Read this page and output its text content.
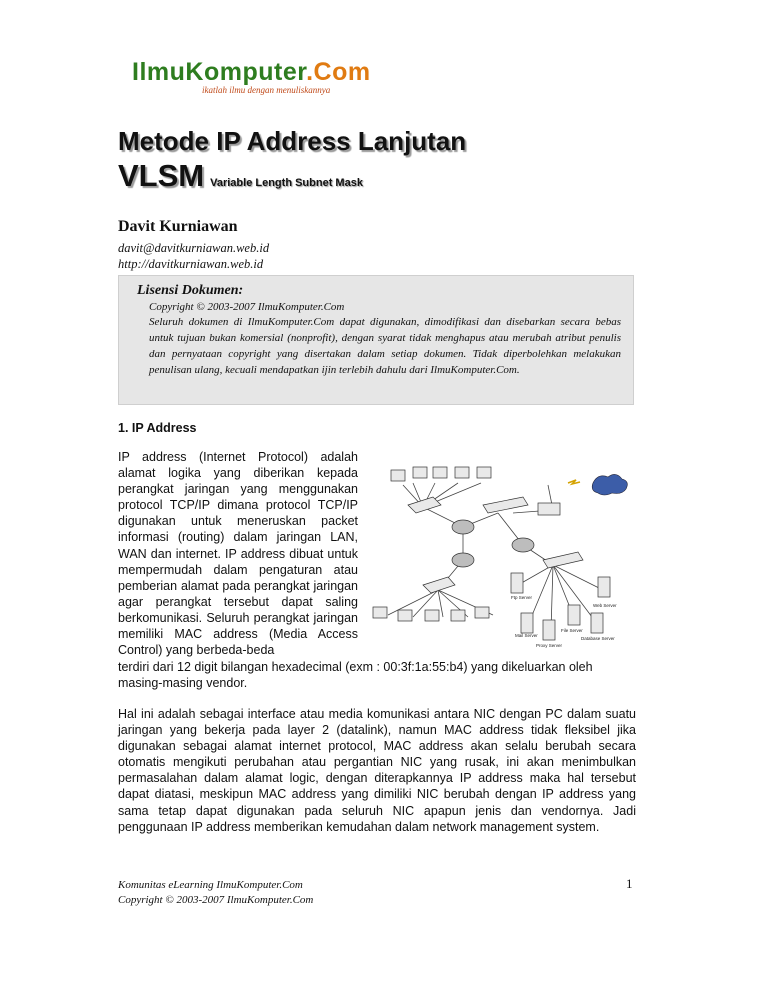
IlmuKomputer.Com
ikatlah ilmu dengan menuliskannya
Metode IP Address Lanjutan
VLSM Variable Length Subnet Mask
Davit Kurniawan
davit@davitkurniawan.web.id
http://davitkurniawan.web.id
Lisensi Dokumen:
Copyright © 2003-2007 IlmuKomputer.Com
Seluruh dokumen di IlmuKomputer.Com dapat digunakan, dimodifikasi dan disebarkan secara bebas untuk tujuan bukan komersial (nonprofit), dengan syarat tidak menghapus atau merubah atribut penulis dan pernyataan copyright yang disertakan dalam setiap dokumen. Tidak diperbolehkan melakukan penulisan ulang, kecuali mendapatkan ijin terlebih dahulu dari IlmuKomputer.Com.
1. IP Address
IP address (Internet Protocol) adalah alamat logika yang diberikan kepada perangkat jaringan yang menggunakan protocol TCP/IP dimana protocol TCP/IP digunakan untuk meneruskan packet informasi (routing) dalam jaringan LAN, WAN dan internet. IP address dibuat untuk mempermudah dalam pengaturan atau pemberian alamat pada perangkat jaringan agar perangkat tersebut dapat saling berkomunikasi. Seluruh perangkat jaringan memiliki MAC address (Media Access Control) yang berbeda-beda
Ftp Server
Web Server
Mail Server
File Server
Proxy Server
Database Server
terdiri dari 12 digit bilangan hexadecimal (exm : 00:3f:1a:55:b4) yang dikeluarkan oleh masing-masing vendor.
Hal ini adalah sebagai interface atau media komunikasi antara NIC dengan PC dalam suatu jaringan yang bekerja pada layer 2 (datalink), namun MAC address tidak fleksibel jika digunakan sebagai alamat internet protocol, MAC address akan selalu berubah secara otomatis mengikuti perubahan atau pergantian NIC yang rusak, ini akan menimbulkan permasalahan dalam alamat logic, dengan diterapkannya IP address maka hal tersebut dapat diatasi, meskipun MAC address yang dimiliki NIC berubah dengan IP address yang sama tetap dapat digunakan pada seluruh NIC apapun jenis dan vendornya. Jadi penggunaan IP address memberikan kemudahan dalam network management system.
Komunitas eLearning IlmuKomputer.Com
Copyright © 2003-2007 IlmuKomputer.Com
1
